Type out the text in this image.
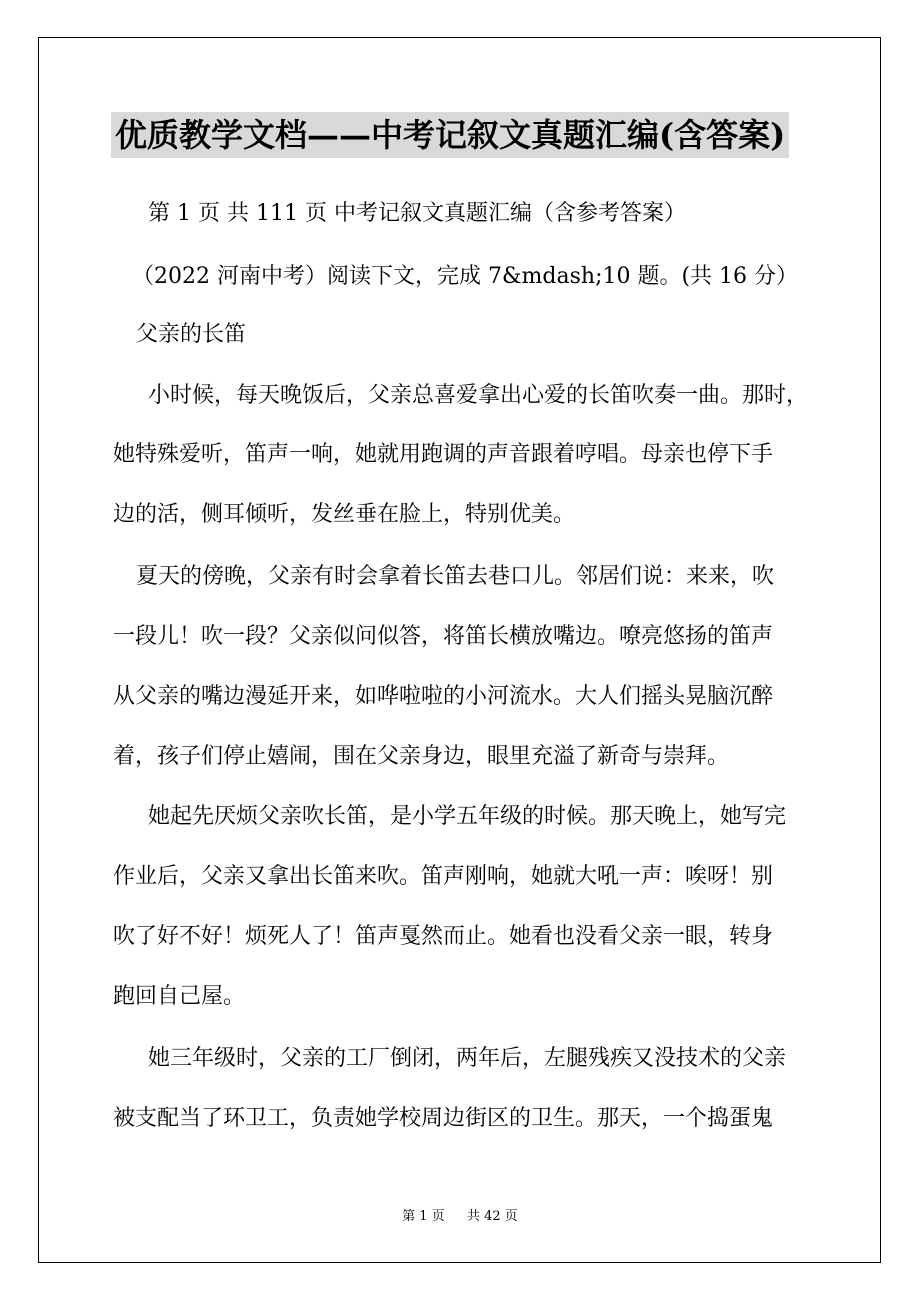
优质教学文档——中考记叙文真题汇编(含答案)
第 1 页 共 111 页 中考记叙文真题汇编（含参考答案）
（2022 河南中考）阅读下文，完成 7&mdash;10 题。(共 16 分）
父亲的长笛
小时候，每天晚饭后，父亲总喜爱拿出心爱的长笛吹奏一曲。那时，
她特殊爱听，笛声一响，她就用跑调的声音跟着哼唱。母亲也停下手
边的活，侧耳倾听，发丝垂在脸上，特别优美。
夏天的傍晚，父亲有时会拿着长笛去巷口儿。邻居们说：来来，吹
一段儿！吹一段？父亲似问似答，将笛长横放嘴边。嘹亮悠扬的笛声
从父亲的嘴边漫延开来，如哗啦啦的小河流水。大人们摇头晃脑沉醉
着，孩子们停止嬉闹，围在父亲身边，眼里充溢了新奇与崇拜。
她起先厌烦父亲吹长笛，是小学五年级的时候。那天晚上，她写完
作业后，父亲又拿出长笛来吹。笛声刚响，她就大吼一声：唉呀！别
吹了好不好！烦死人了！笛声戛然而止。她看也没看父亲一眼，转身
跑回自己屋。
她三年级时，父亲的工厂倒闭，两年后，左腿残疾又没技术的父亲
被支配当了环卫工，负责她学校周边街区的卫生。那天，一个捣蛋鬼
第 1 页 共 42 页
